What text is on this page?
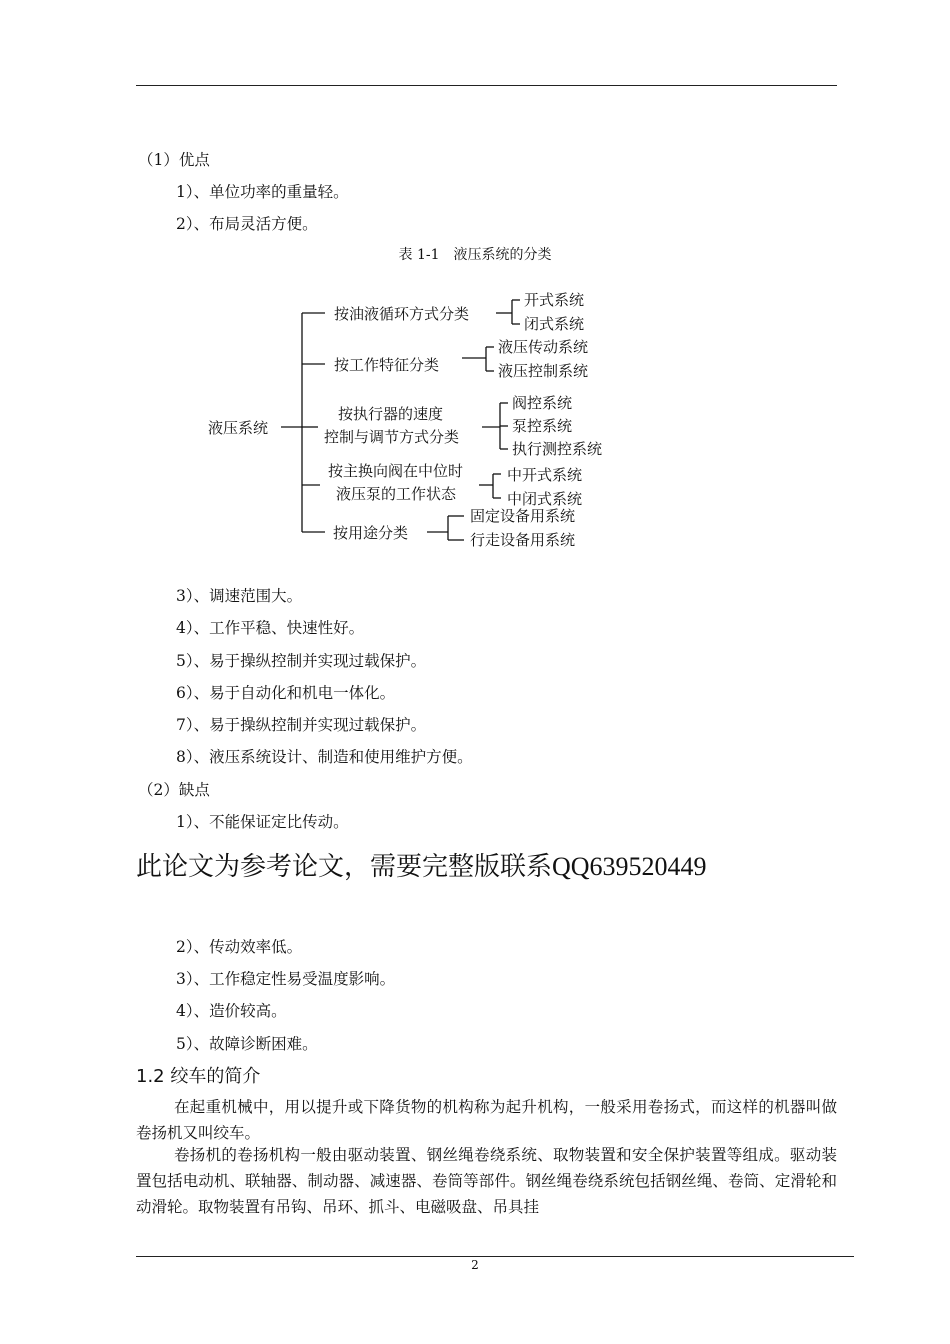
（1）优点
1）、单位功率的重量轻。
2）、布局灵活方便。
表 1-1　液压系统的分类
液压系统
按油液循环方式分类
按工作特征分类
按执行器的速度
控制与调节方式分类
按主换向阀在中位时
液压泵的工作状态
按用途分类
开式系统
闭式系统
液压传动系统
液压控制系统
阀控系统
泵控系统
执行测控系统
中开式系统
中闭式系统
固定设备用系统
行走设备用系统
3）、调速范围大。
4）、工作平稳、快速性好。
5）、易于操纵控制并实现过载保护。
6）、易于自动化和机电一体化。
7）、易于操纵控制并实现过载保护。
8）、液压系统设计、制造和使用维护方便。
（2）缺点
1）、不能保证定比传动。
此论文为参考论文，需要完整版联系QQ639520449
2）、传动效率低。
3）、工作稳定性易受温度影响。
4）、造价较高。
5）、故障诊断困难。
1.2 绞车的简介
在起重机械中，用以提升或下降货物的机构称为起升机构，一般采用卷扬式，而这样的机器叫做卷扬机又叫绞车。
卷扬机的卷扬机构一般由驱动装置、钢丝绳卷绕系统、取物装置和安全保护装置等组成。驱动装置包括电动机、联轴器、制动器、减速器、卷筒等部件。钢丝绳卷绕系统包括钢丝绳、卷筒、定滑轮和动滑轮。取物装置有吊钩、吊环、抓斗、电磁吸盘、吊具挂
2
